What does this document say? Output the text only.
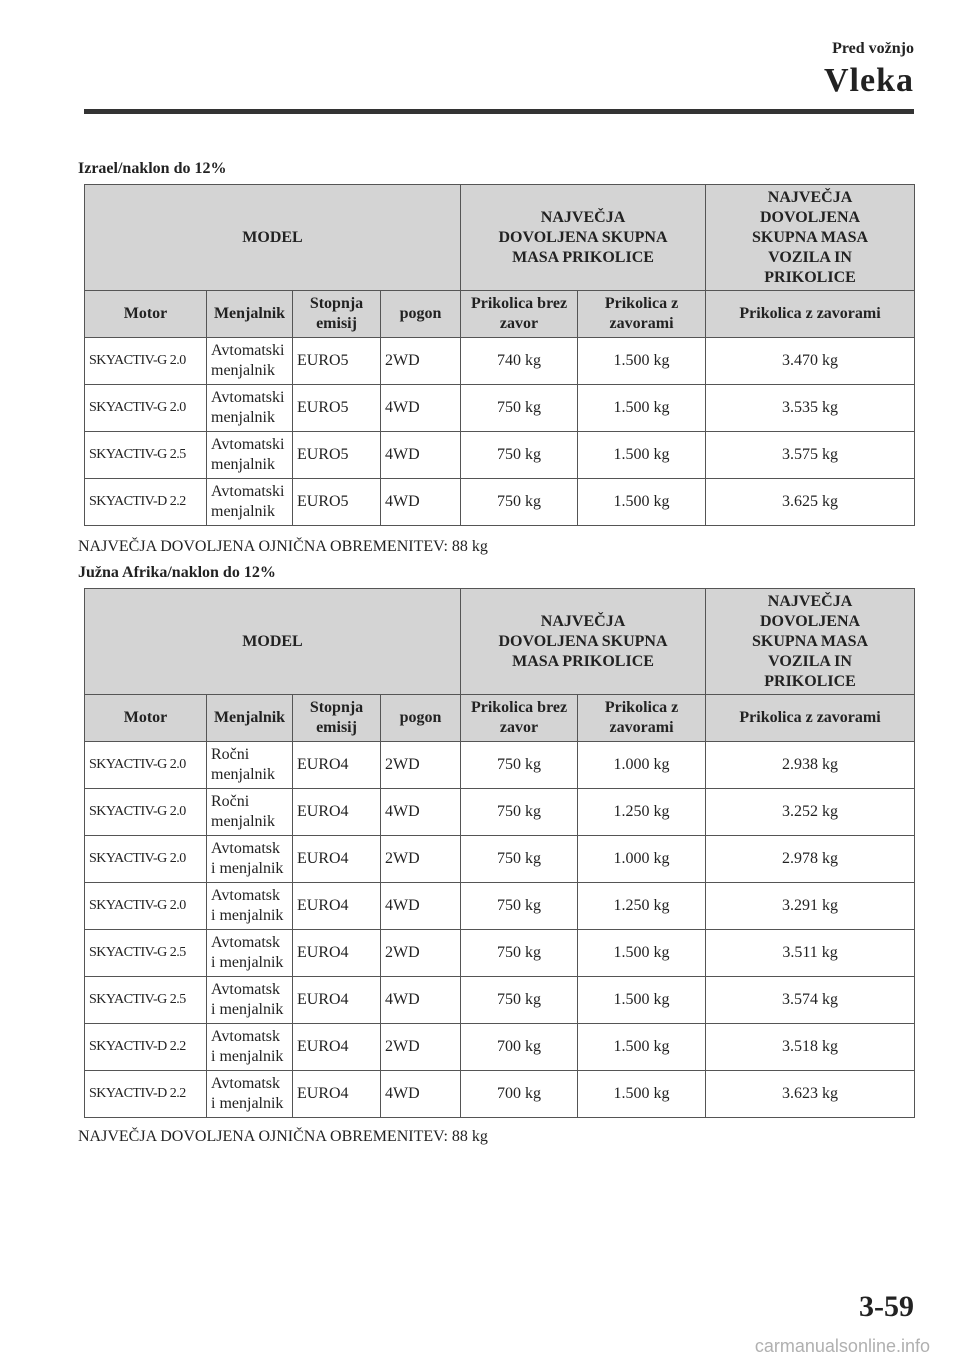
Pred vožnjo
Vleka
Izrael/naklon do 12%
MODEL				NAJVEČJA DOVOLJENA SKUPNA MASA PRIKOLICE		NAJVEČJA DOVOLJENA SKUPNA MASA VOZILA IN PRIKOLICE
Motor	Menjalnik	Stopnja emisij	pogon	Prikolica brez zavor	Prikolica z zavorami	Prikolica z zavorami
SKYACTIV-G 2.0	Avtomatski menjalnik	EURO5	2WD	740 kg	1.500 kg	3.470 kg
SKYACTIV-G 2.0	Avtomatski menjalnik	EURO5	4WD	750 kg	1.500 kg	3.535 kg
SKYACTIV-G 2.5	Avtomatski menjalnik	EURO5	4WD	750 kg	1.500 kg	3.575 kg
SKYACTIV-D 2.2	Avtomatski menjalnik	EURO5	4WD	750 kg	1.500 kg	3.625 kg
NAJVEČJA DOVOLJENA OJNIČNA OBREMENITEV: 88 kg
Južna Afrika/naklon do 12%
MODEL				NAJVEČJA DOVOLJENA SKUPNA MASA PRIKOLICE		NAJVEČJA DOVOLJENA SKUPNA MASA VOZILA IN PRIKOLICE
Motor	Menjalnik	Stopnja emisij	pogon	Prikolica brez zavor	Prikolica z zavorami	Prikolica z zavorami
SKYACTIV-G 2.0	Ročni menjalnik	EURO4	2WD	750 kg	1.000 kg	2.938 kg
SKYACTIV-G 2.0	Ročni menjalnik	EURO4	4WD	750 kg	1.250 kg	3.252 kg
SKYACTIV-G 2.0	Avtomatsk i menjalnik	EURO4	2WD	750 kg	1.000 kg	2.978 kg
SKYACTIV-G 2.0	Avtomatsk i menjalnik	EURO4	4WD	750 kg	1.250 kg	3.291 kg
SKYACTIV-G 2.5	Avtomatsk i menjalnik	EURO4	2WD	750 kg	1.500 kg	3.511 kg
SKYACTIV-G 2.5	Avtomatsk i menjalnik	EURO4	4WD	750 kg	1.500 kg	3.574 kg
SKYACTIV-D 2.2	Avtomatsk i menjalnik	EURO4	2WD	700 kg	1.500 kg	3.518 kg
SKYACTIV-D 2.2	Avtomatsk i menjalnik	EURO4	4WD	700 kg	1.500 kg	3.623 kg
NAJVEČJA DOVOLJENA OJNIČNA OBREMENITEV: 88 kg
3-59
carmanualsonline.info
